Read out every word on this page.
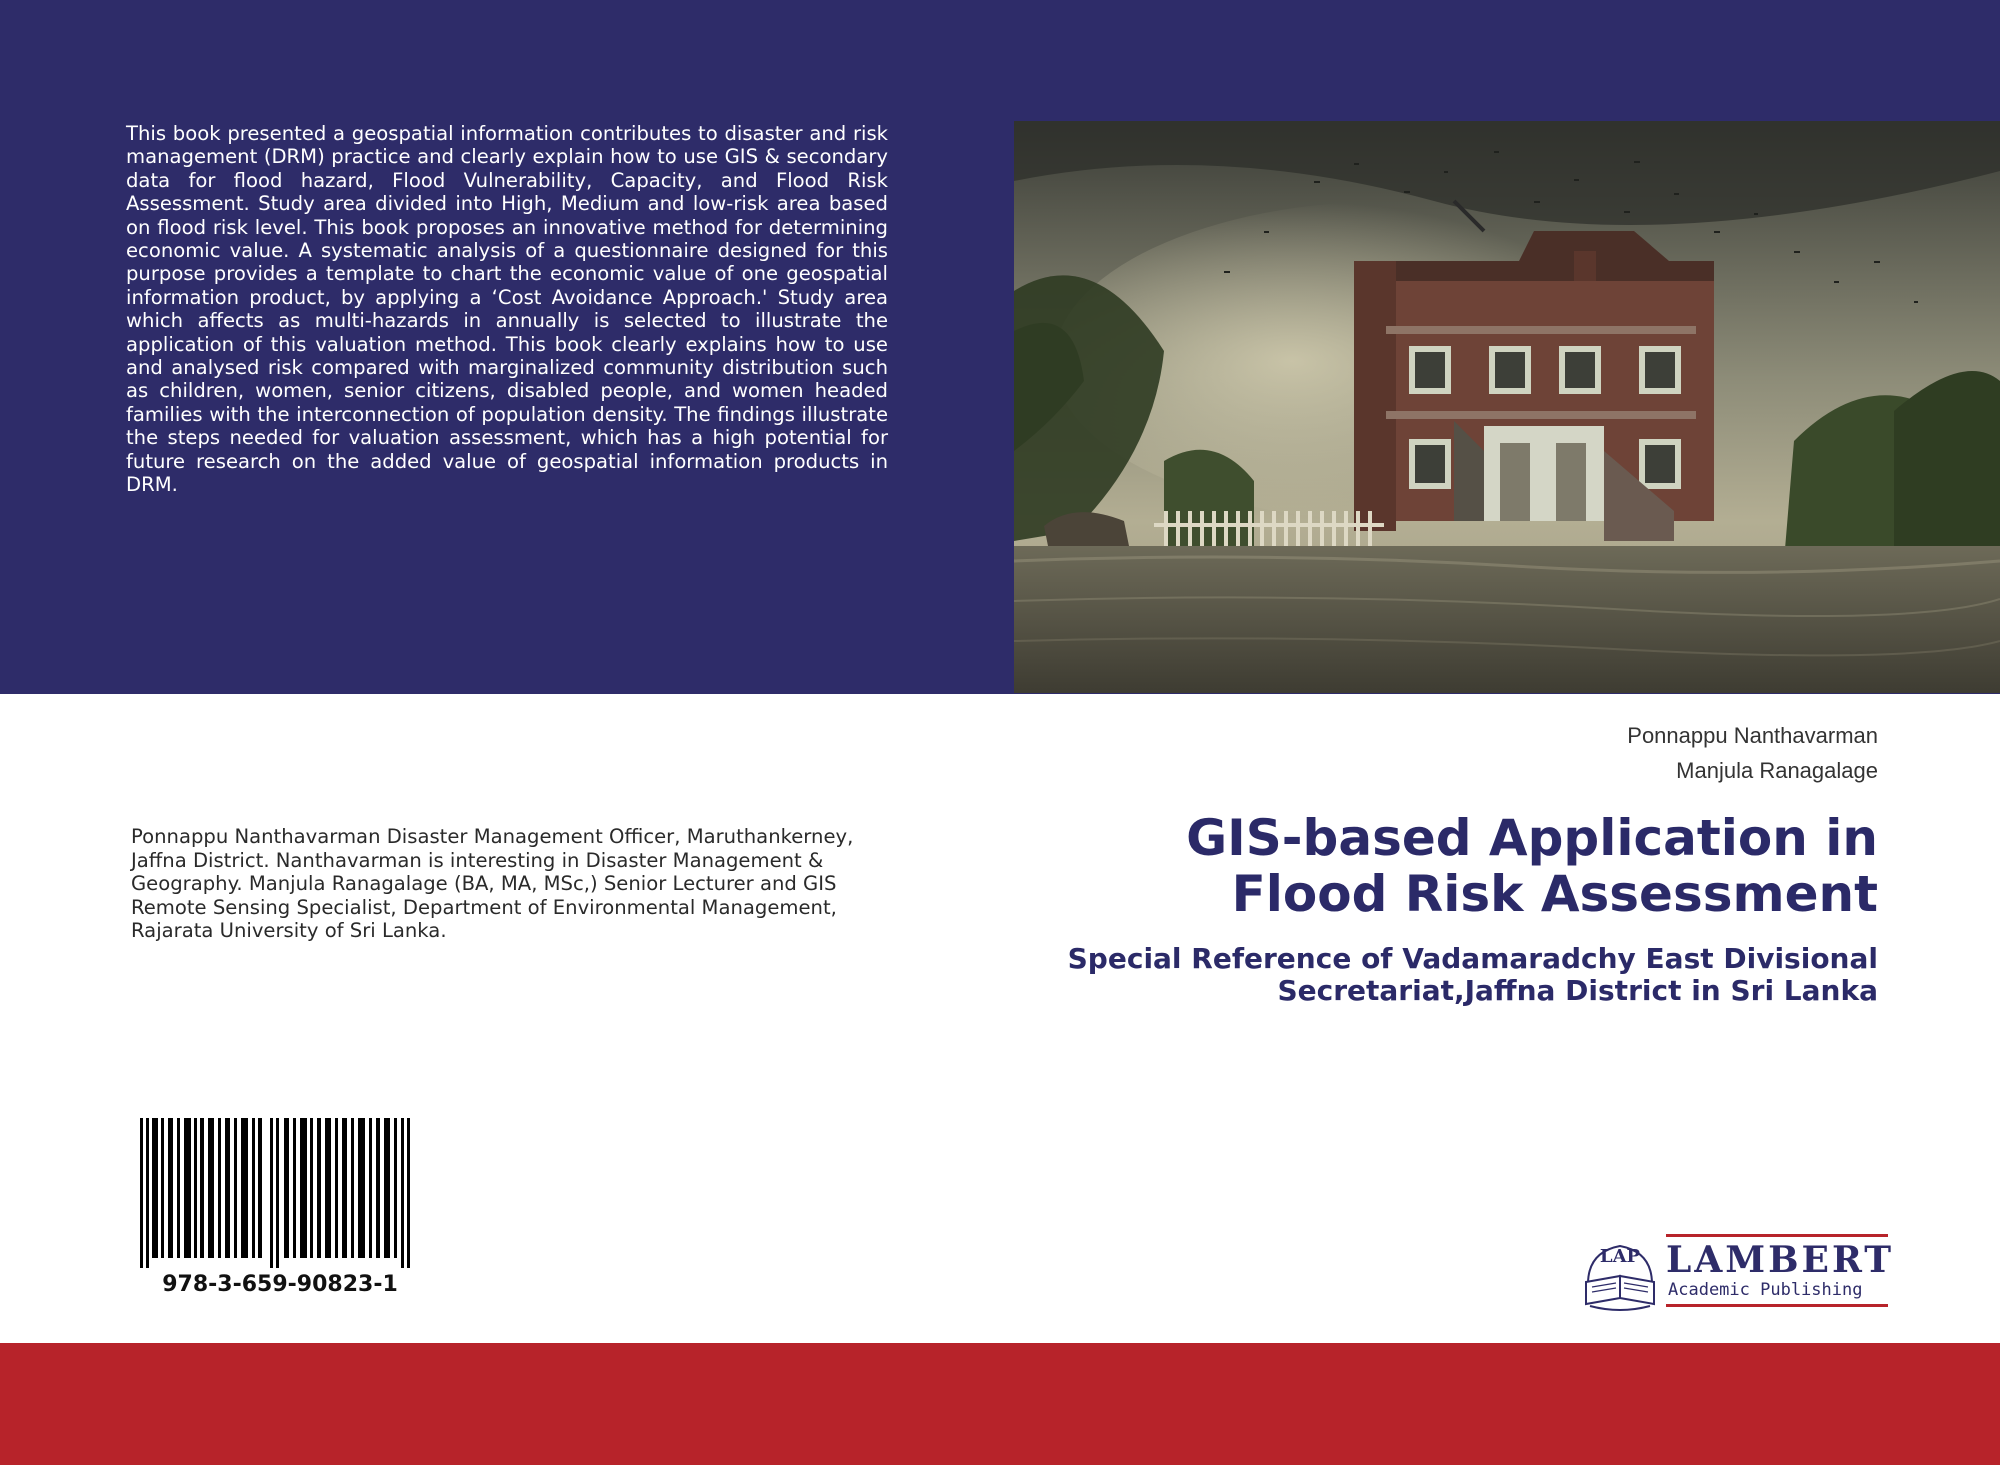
This book presented a geospatial information contributes to disaster and risk management (DRM) practice and clearly explain how to use GIS & secondary data for flood hazard, Flood Vulnerability, Capacity, and Flood Risk Assessment. Study area divided into High, Medium and low-risk area based on flood risk level. This book proposes an innovative method for determining economic value. A systematic analysis of a questionnaire designed for this purpose provides a template to chart the economic value of one geospatial information product, by applying a ‘Cost Avoidance Approach.' Study area which affects as multi-hazards in annually is selected to illustrate the application of this valuation method. This book clearly explains how to use and analysed risk compared with marginalized community distribution such as children, women, senior citizens, disabled people, and women headed families with the interconnection of population density. The findings illustrate the steps needed for valuation assessment, which has a high potential for future research on the added value of geospatial information products in DRM.

Ponnappu Nanthavarman

Manjula Ranagalage

GIS-based Application in
Flood Risk Assessment
Special Reference of Vadamaradchy East Divisional
Secretariat,Jaffna District in Sri Lanka

Ponnappu Nanthavarman Disaster Management Officer, Maruthankerney, Jaffna District. Nanthavarman is interesting in Disaster Management & Geography. Manjula Ranagalage (BA, MA, MSc,) Senior Lecturer and GIS Remote Sensing Specialist, Department of Environmental Management, Rajarata University of Sri Lanka.

978-3-659-90823-1
LAP LAMBERT
Academic Publishing
